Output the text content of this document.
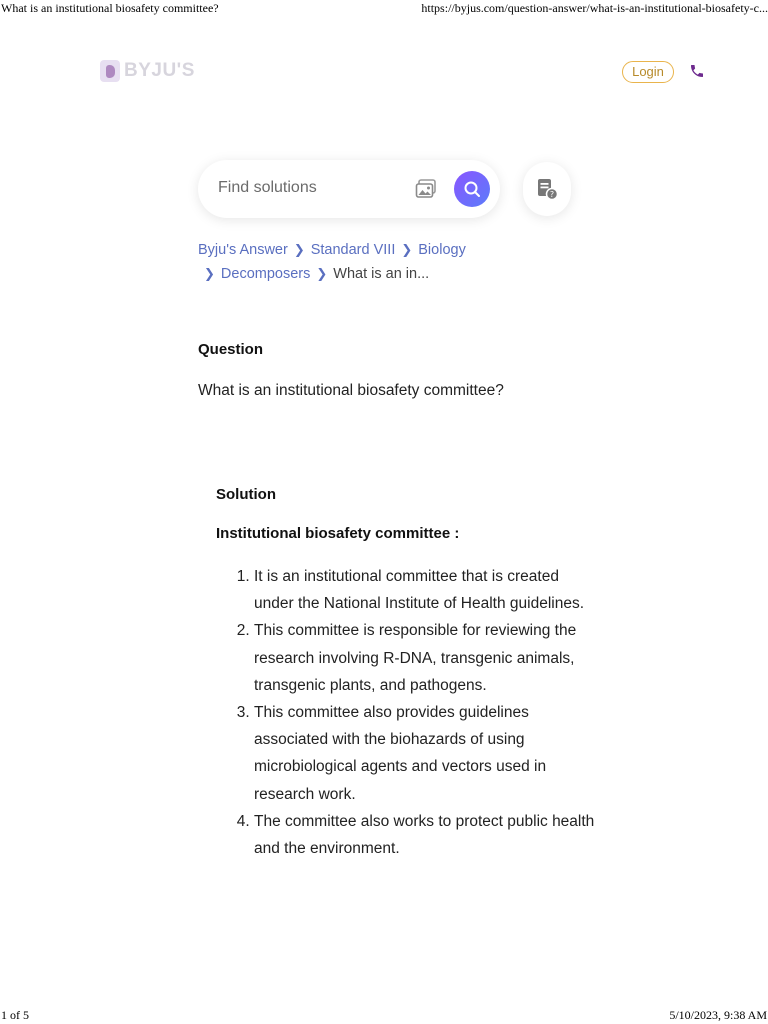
What is an institutional biosafety committee?	https://byjus.com/question-answer/what-is-an-institutional-biosafety-c...
BYJU'S	Login
Find solutions	?
Byju's Answer ❯ Standard VIII ❯ Biology
❯ Decomposers ❯ What is an in...
Question
What is an institutional biosafety committee?
Solution
Institutional biosafety committee :
1. It is an institutional committee that is created under the National Institute of Health guidelines.
2. This committee is responsible for reviewing the research involving R-DNA, transgenic animals, transgenic plants, and pathogens.
3. This committee also provides guidelines associated with the biohazards of using microbiological agents and vectors used in research work.
4. The committee also works to protect public health and the environment.
1 of 5	5/10/2023, 9:38 AM
